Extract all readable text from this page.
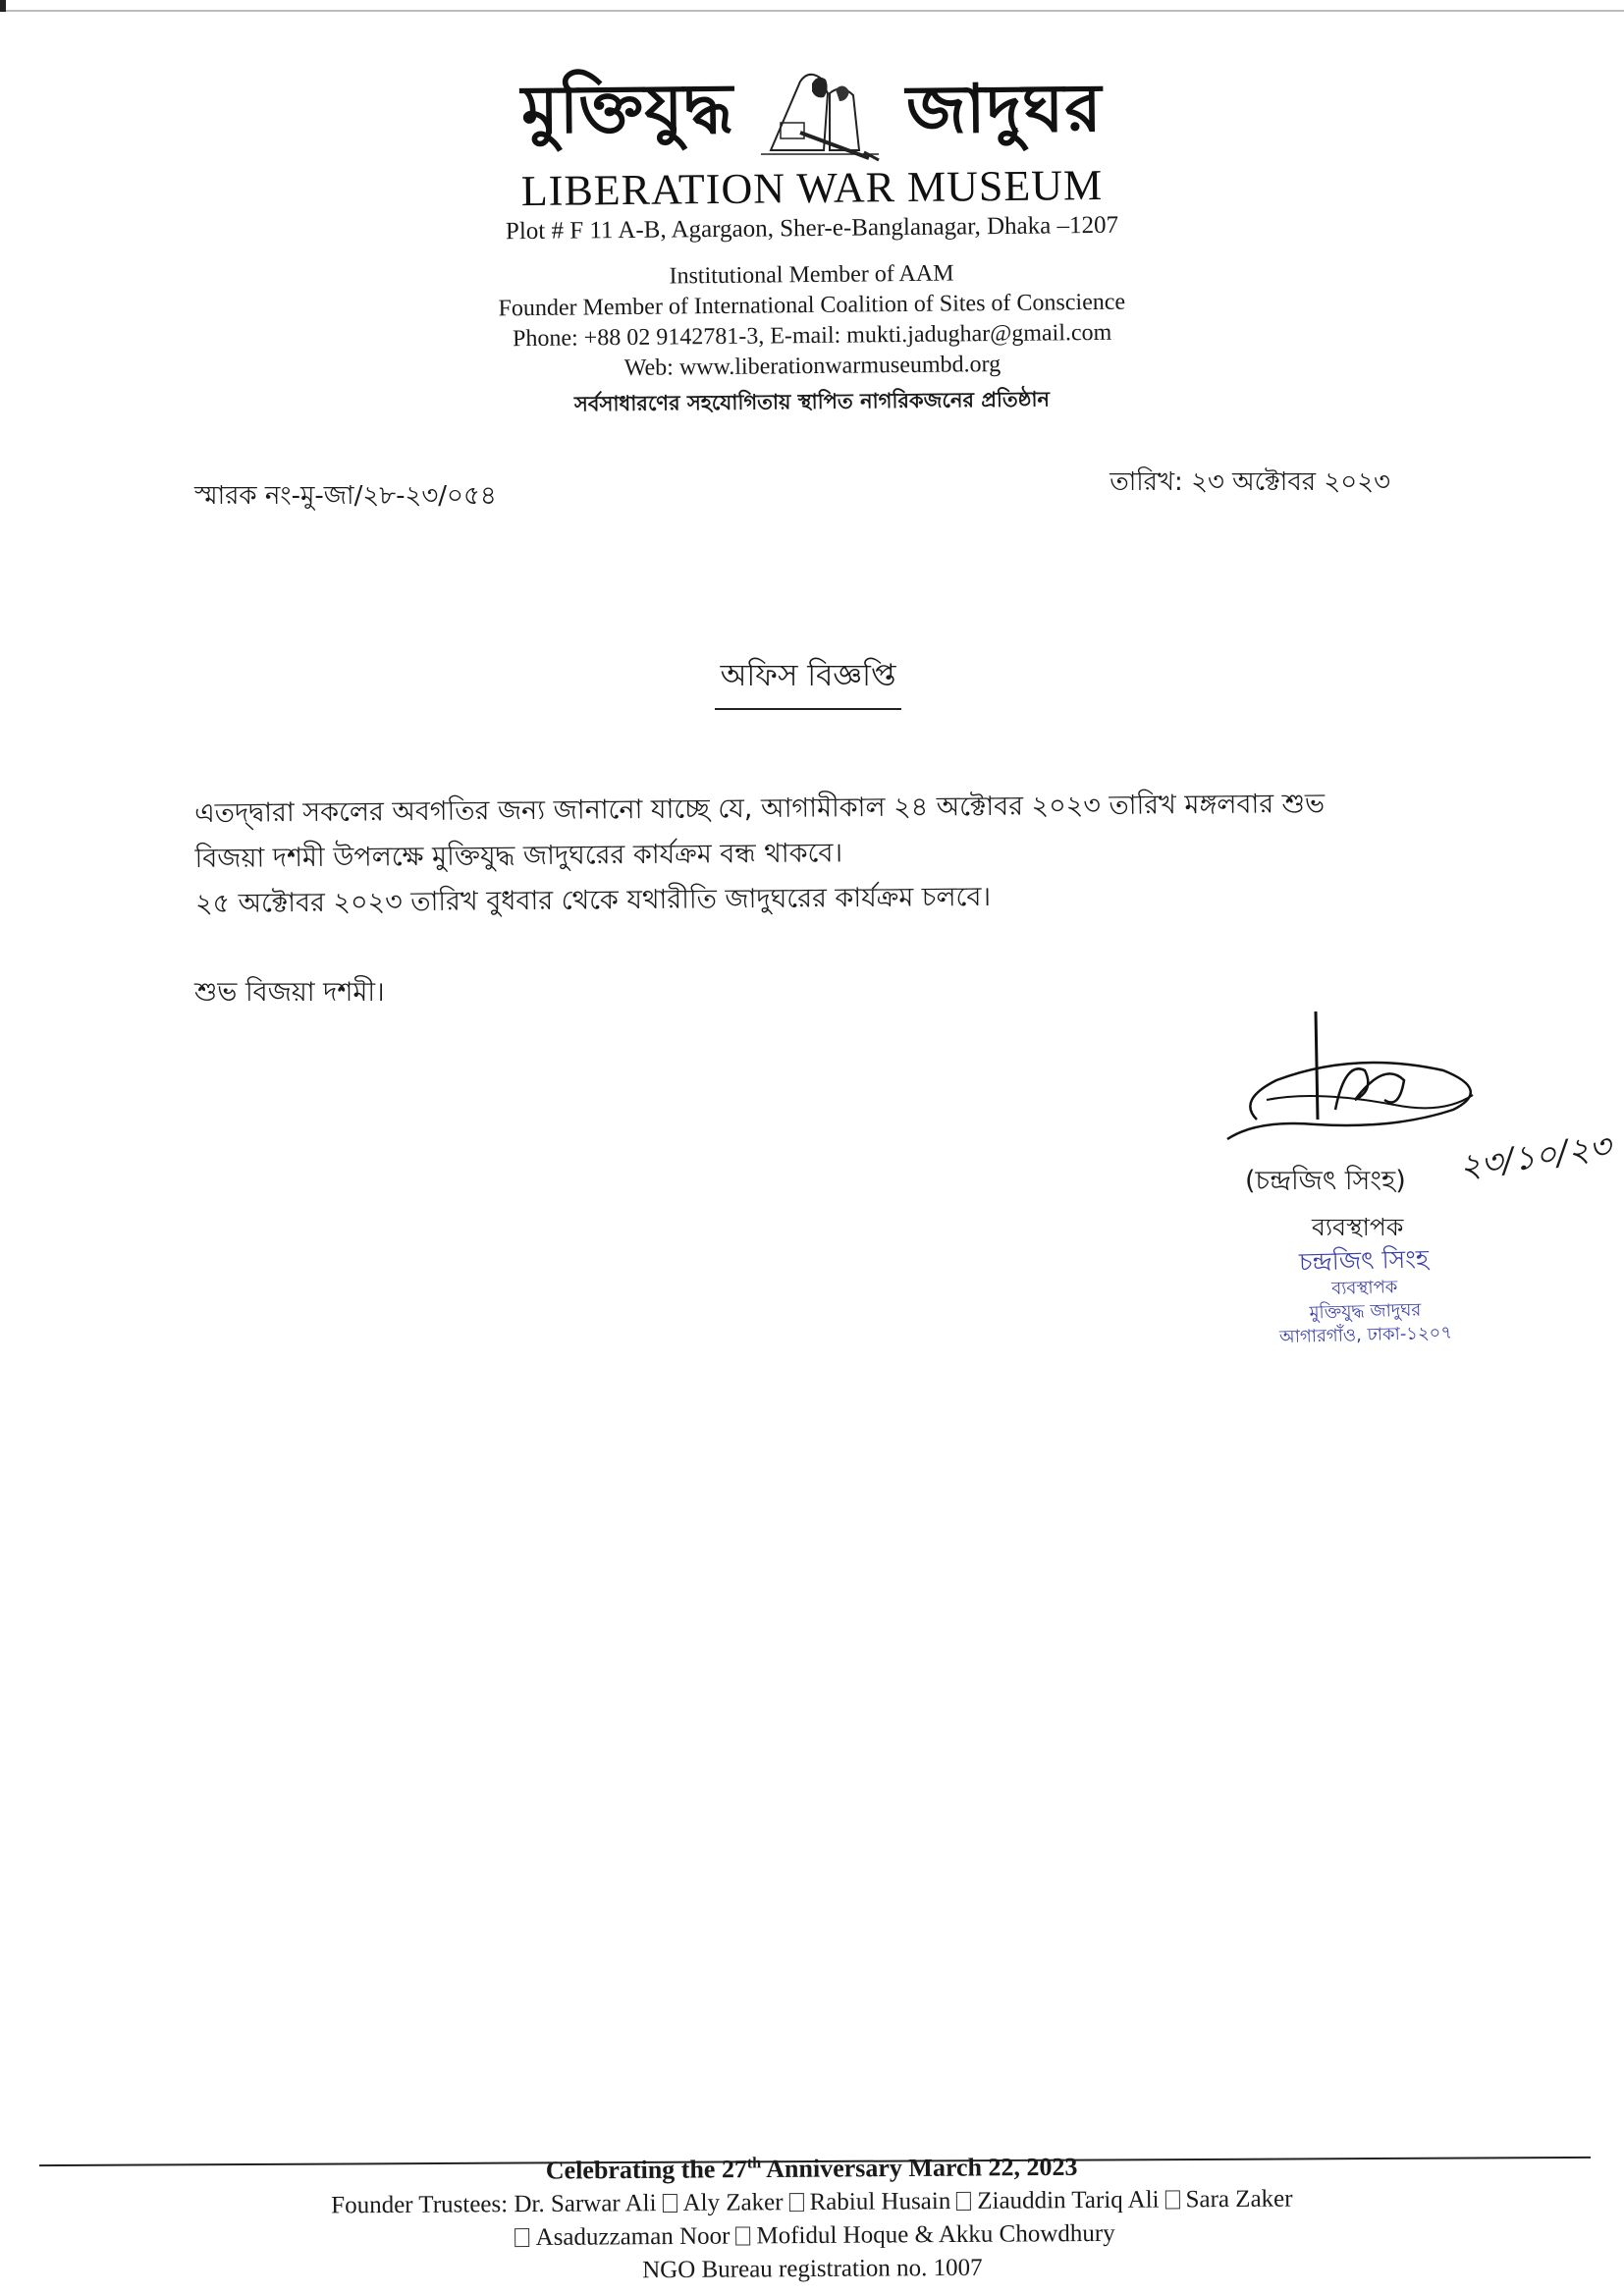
মুক্তিযুদ্ধ	জাদুঘর
LIBERATION WAR MUSEUM
Plot # F 11 A-B, Agargaon, Sher-e-Banglanagar, Dhaka –1207
Institutional Member of AAM
Founder Member of International Coalition of Sites of Conscience
Phone: +88 02 9142781-3, E-mail: mukti.jadughar@gmail.com
Web: www.liberationwarmuseumbd.org
সর্বসাধারণের সহযোগিতায় স্থাপিত নাগরিকজনের প্রতিষ্ঠান
স্মারক নং-মু-জা/২৮-২৩/০৫৪	তারিখ: ২৩ অক্টোবর ২০২৩
অফিস বিজ্ঞপ্তি

এতদ্দ্বারা সকলের অবগতির জন্য জানানো যাচ্ছে যে, আগামীকাল ২৪ অক্টোবর ২০২৩ তারিখ মঙ্গলবার শুভ

বিজয়া দশমী উপলক্ষে মুক্তিযুদ্ধ জাদুঘরের কার্যক্রম বন্ধ থাকবে।

২৫ অক্টোবর ২০২৩ তারিখ বুধবার থেকে যথারীতি জাদুঘরের কার্যক্রম চলবে।

শুভ বিজয়া দশমী।
(চন্দ্রজিৎ সিংহ) ২৩/১০/২৩
ব্যবস্থাপক
চন্দ্রজিৎ সিংহ
ব্যবস্থাপক
মুক্তিযুদ্ধ জাদুঘর
আগারগাঁও, ঢাকা-১২০৭
Celebrating the 27th Anniversary March 22, 2023
Founder Trustees: Dr. Sarwar Ali Aly Zaker Rabiul Husain Ziauddin Tariq Ali Sara Zaker
Asaduzzaman Noor Mofidul Hoque & Akku Chowdhury
NGO Bureau registration no. 1007
